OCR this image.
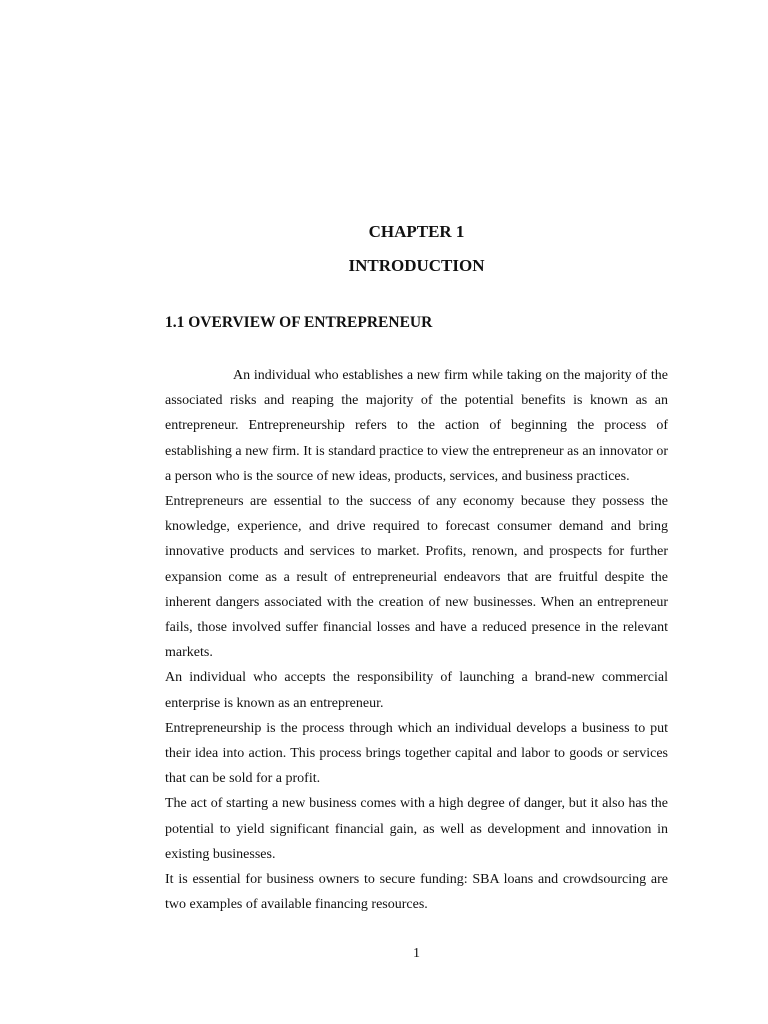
CHAPTER 1
INTRODUCTION
1.1 OVERVIEW OF ENTREPRENEUR

An individual who establishes a new firm while taking on the majority of the associated risks and reaping the majority of the potential benefits is known as an entrepreneur. Entrepreneurship refers to the action of beginning the process of establishing a new firm. It is standard practice to view the entrepreneur as an innovator or a person who is the source of new ideas, products, services, and business practices.

Entrepreneurs are essential to the success of any economy because they possess the knowledge, experience, and drive required to forecast consumer demand and bring innovative products and services to market. Profits, renown, and prospects for further expansion come as a result of entrepreneurial endeavors that are fruitful despite the inherent dangers associated with the creation of new businesses. When an entrepreneur fails, those involved suffer financial losses and have a reduced presence in the relevant markets.

An individual who accepts the responsibility of launching a brand-new commercial enterprise is known as an entrepreneur.

Entrepreneurship is the process through which an individual develops a business to put their idea into action. This process brings together capital and labor to goods or services that can be sold for a profit.

The act of starting a new business comes with a high degree of danger, but it also has the potential to yield significant financial gain, as well as development and innovation in existing businesses.

It is essential for business owners to secure funding: SBA loans and crowdsourcing are two examples of available financing resources.

1
